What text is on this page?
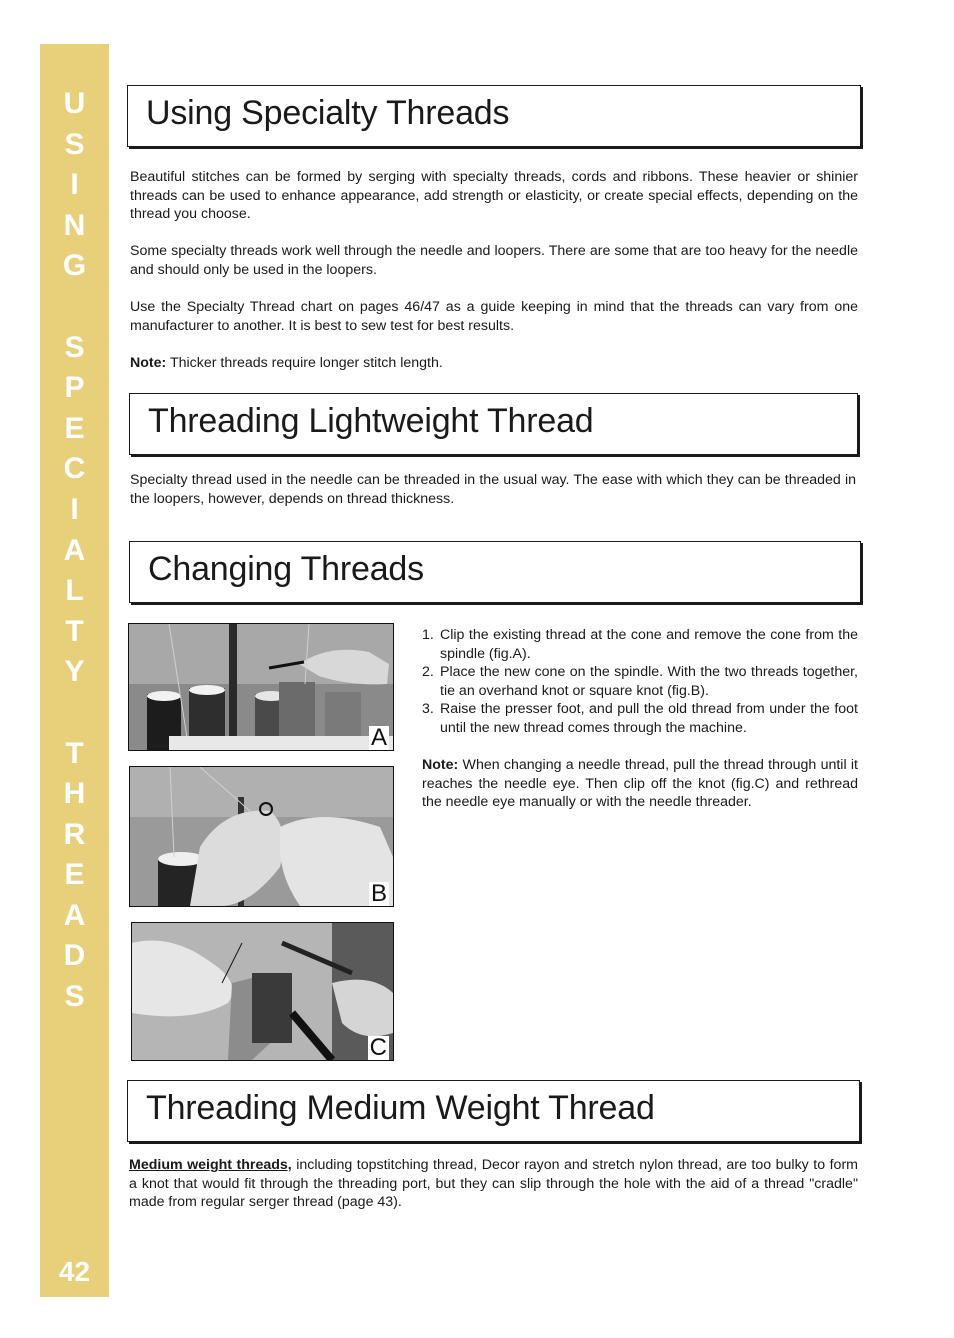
U
S
I
N
G
S
P
E
C
I
A
L
T
Y
T
H
R
E
A
D
S
42
Using Specialty Threads

Beautiful stitches can be formed by serging with specialty threads, cords and ribbons. These heavier or shinier threads can be used to enhance appearance, add strength or elasticity, or create special effects, depending on the thread you choose.

Some specialty threads work well through the needle and loopers. There are some that are too heavy for the needle and should only be used in the loopers.

Use the Specialty Thread chart on pages 46/47 as a guide keeping in mind that the threads can vary from one manufacturer to another. It is best to sew test for best results.

Note: Thicker threads require longer stitch length.

Threading Lightweight Thread

Specialty thread used in the needle can be threaded in the usual way. The ease with which they can be threaded in the loopers, however, depends on thread thickness.

Changing Threads
A
B
C
1. Clip the existing thread at the cone and remove the cone from the spindle (fig.A).
2. Place the new cone on the spindle. With the two threads together, tie an overhand knot or square knot (fig.B).
3. Raise the presser foot, and pull the old thread from under the foot until the new thread comes through the machine.

Note: When changing a needle thread, pull the thread through until it reaches the needle eye. Then clip off the knot (fig.C) and rethread the needle eye manually or with the needle threader.

Threading Medium Weight Thread

Medium weight threads, including topstitching thread, Decor rayon and stretch nylon thread, are too bulky to form a knot that would fit through the threading port, but they can slip through the hole with the aid of a thread "cradle" made from regular serger thread (page 43).
